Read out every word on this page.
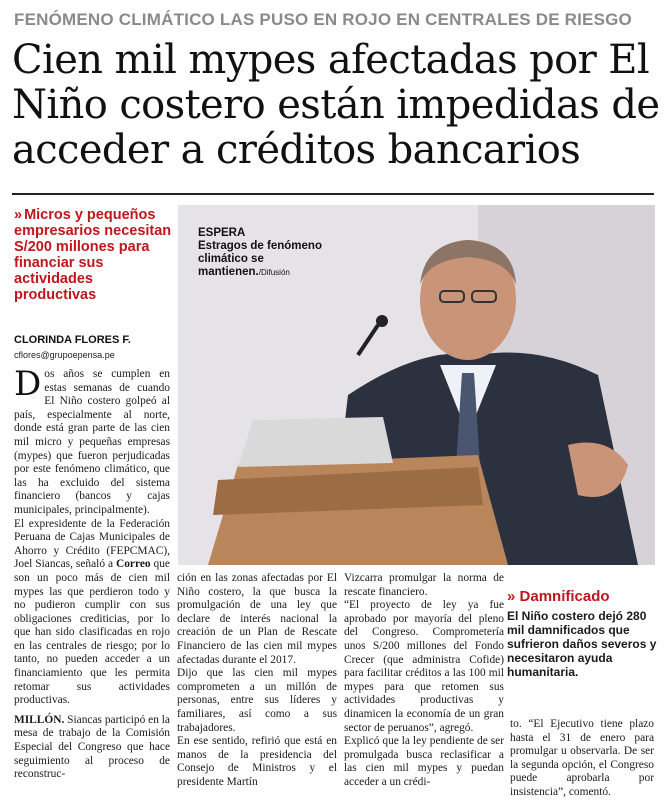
FENÓMENO CLIMÁTICO LAS PUSO EN ROJO EN CENTRALES DE RIESGO
Cien mil mypes afectadas por El Niño costero están impedidas de acceder a créditos bancarios
» Micros y pequeños empresarios necesitan S/200 millones para financiar sus actividades productivas
CLORINDA FLORES F.
cflores@grupoepensa.pe
ESPERA
Estragos de fenómeno climático se mantienen./Difusión

Dos años se cumplen en estas semanas de cuando El Niño costero golpeó al país, especialmente al norte, donde está gran parte de las cien mil micro y pequeñas empresas (mypes) que fueron perjudicadas por este fenómeno climático, que las ha excluido del sistema financiero (bancos y cajas municipales, principalmente).

El expresidente de la Federación Peruana de Cajas Municipales de Ahorro y Crédito (FEPCMAC), Joel Siancas, señaló a Correo que son un poco más de cien mil mypes las que perdieron todo y no pudieron cumplir con sus obligaciones crediticias, por lo que han sido clasificadas en rojo en las centrales de riesgo; por lo tanto, no pueden acceder a un financiamiento que les permita retomar sus actividades productivas.

MILLÓN. Siancas participó en la mesa de trabajo de la Comisión Especial del Congreso que hace seguimiento al proceso de reconstruc-

ción en las zonas afectadas por El Niño costero, la que busca la promulgación de una ley que declare de interés nacional la creación de un Plan de Rescate Financiero de las cien mil mypes afectadas durante el 2017.

Dijo que las cien mil mypes comprometen a un millón de personas, entre sus líderes y familiares, así como a sus trabajadores.

En ese sentido, refirió que está en manos de la presidencia del Consejo de Ministros y el presidente Martín

Vizcarra promulgar la norma de rescate financiero.

“El proyecto de ley ya fue aprobado por mayoría del pleno del Congreso. Comprometería unos S/200 millones del Fondo Crecer (que administra Cofide) para facilitar créditos a las 100 mil mypes para que retomen sus actividades productivas y dinamicen la economía de un gran sector de peruanos”, agregó.

Explicó que la ley pendiente de ser promulgada busca reclasificar a las cien mil mypes y puedan acceder a un crédi-

» Damnificado
El Niño costero dejó 280 mil damnificados que sufrieron daños severos y necesitaron ayuda humanitaria.

to. “El Ejecutivo tiene plazo hasta el 31 de enero para promulgar u observarla. De ser la segunda opción, el Congreso puede aprobarla por insistencia”, comentó.
